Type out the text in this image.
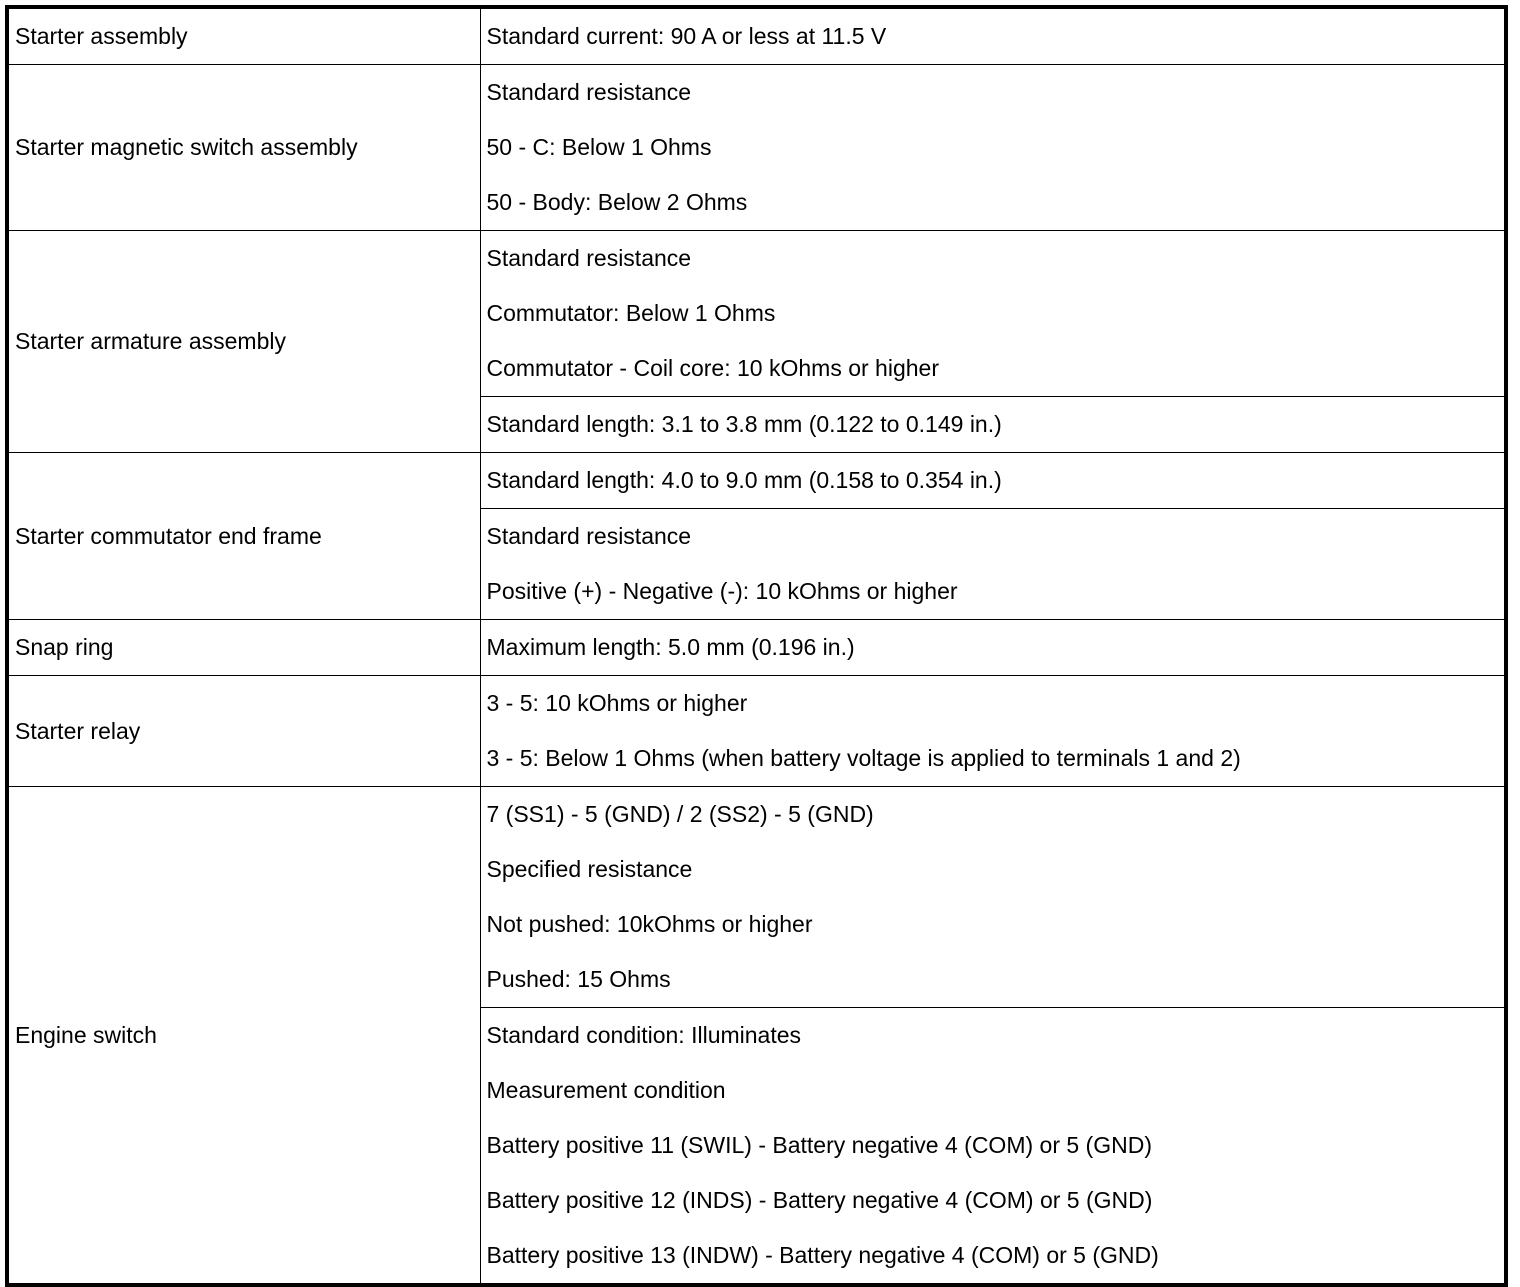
Starter assembly	Standard current: 90 A or less at 11.5 V

Starter magnetic switch assembly	Standard resistance
50 - C: Below 1 Ohms
50 - Body: Below 2 Ohms

Starter armature assembly	Standard resistance
Commutator: Below 1 Ohms
Commutator - Coil core: 10 kOhms or higher

	Standard length: 3.1 to 3.8 mm (0.122 to 0.149 in.)

Starter commutator end frame	Standard length: 4.0 to 9.0 mm (0.158 to 0.354 in.)

	Standard resistance
Positive (+) - Negative (-): 10 kOhms or higher

Snap ring	Maximum length: 5.0 mm (0.196 in.)

Starter relay	3 - 5: 10 kOhms or higher
3 - 5: Below 1 Ohms (when battery voltage is applied to terminals 1 and 2)

Engine switch	7 (SS1) - 5 (GND) / 2 (SS2) - 5 (GND)
Specified resistance
Not pushed: 10kOhms or higher
Pushed: 15 Ohms

	Standard condition: Illuminates
Measurement condition
Battery positive 11 (SWIL) - Battery negative 4 (COM) or 5 (GND)
Battery positive 12 (INDS) - Battery negative 4 (COM) or 5 (GND)
Battery positive 13 (INDW) - Battery negative 4 (COM) or 5 (GND)
